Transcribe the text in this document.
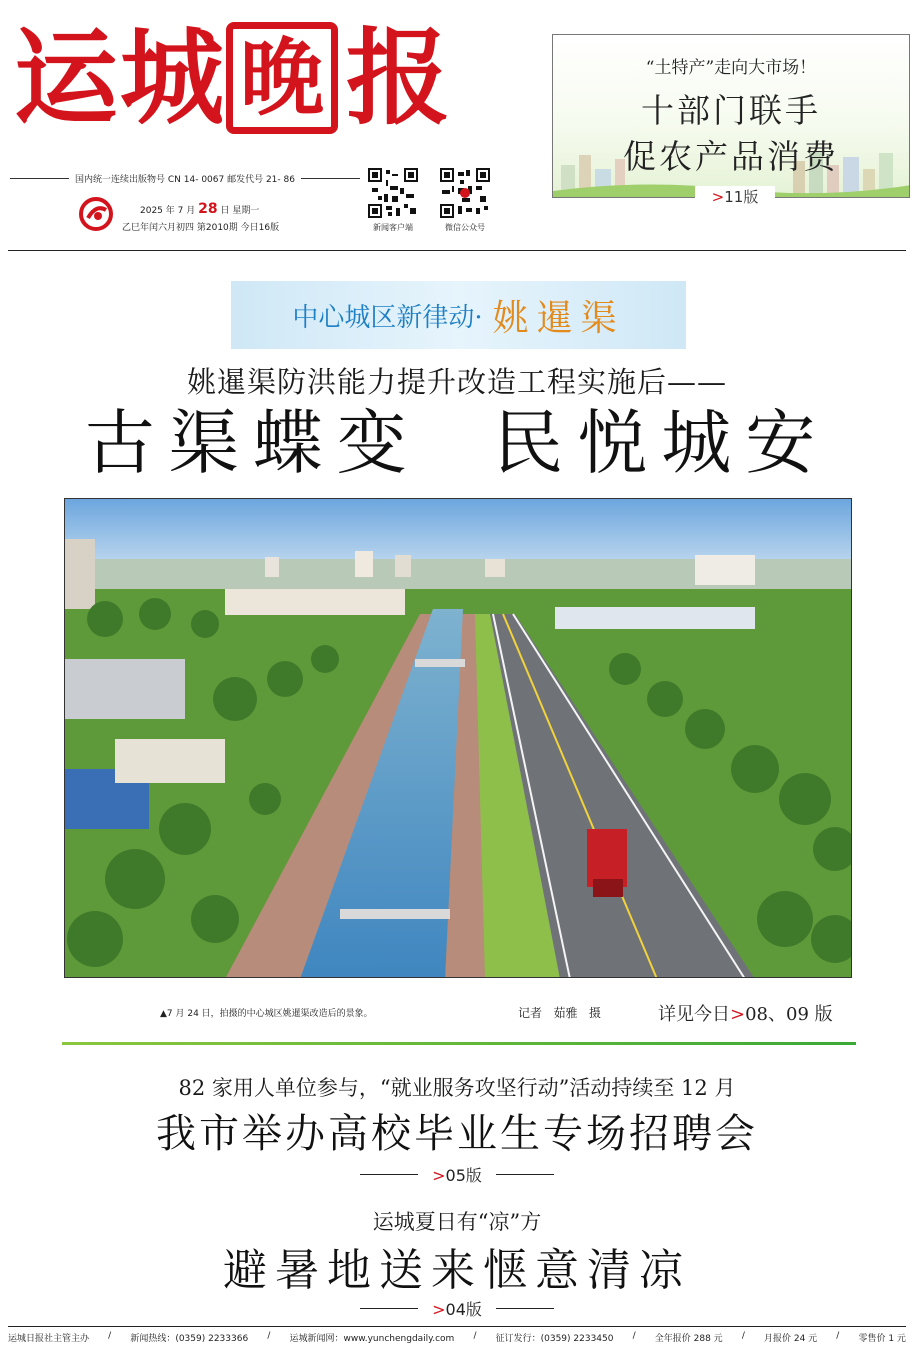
运 城 晚 报
国内统一连续出版物号 CN 14- 0067 邮发代号 21- 86
2025 年 7 月 28 日 星期一
乙巳年闰六月初四 第2010期 今日16版	新闻客户端	微信公众号
“土特产”走向大市场！
十部门联手
促农产品消费
>11版
中心城区新律动· 姚暹渠
姚暹渠防洪能力提升改造工程实施后——
古渠蝶变  民悦城安
▲7 月 24 日，拍摄的中心城区姚暹渠改造后的景象。	记者   茹雅   摄	详见今日>08、09 版
82 家用人单位参与，“就业服务攻坚行动”活动持续至 12 月
我市举办高校毕业生专场招聘会
>05版
运城夏日有“凉”方
避暑地送来惬意清凉
>04版
运城日报社主管主办 / 新闻热线：(0359) 2233366 / 运城新闻网：www.yunchengdaily.com / 征订发行：(0359) 2233450 / 全年报价 288 元 / 月报价 24 元 / 零售价 1 元
